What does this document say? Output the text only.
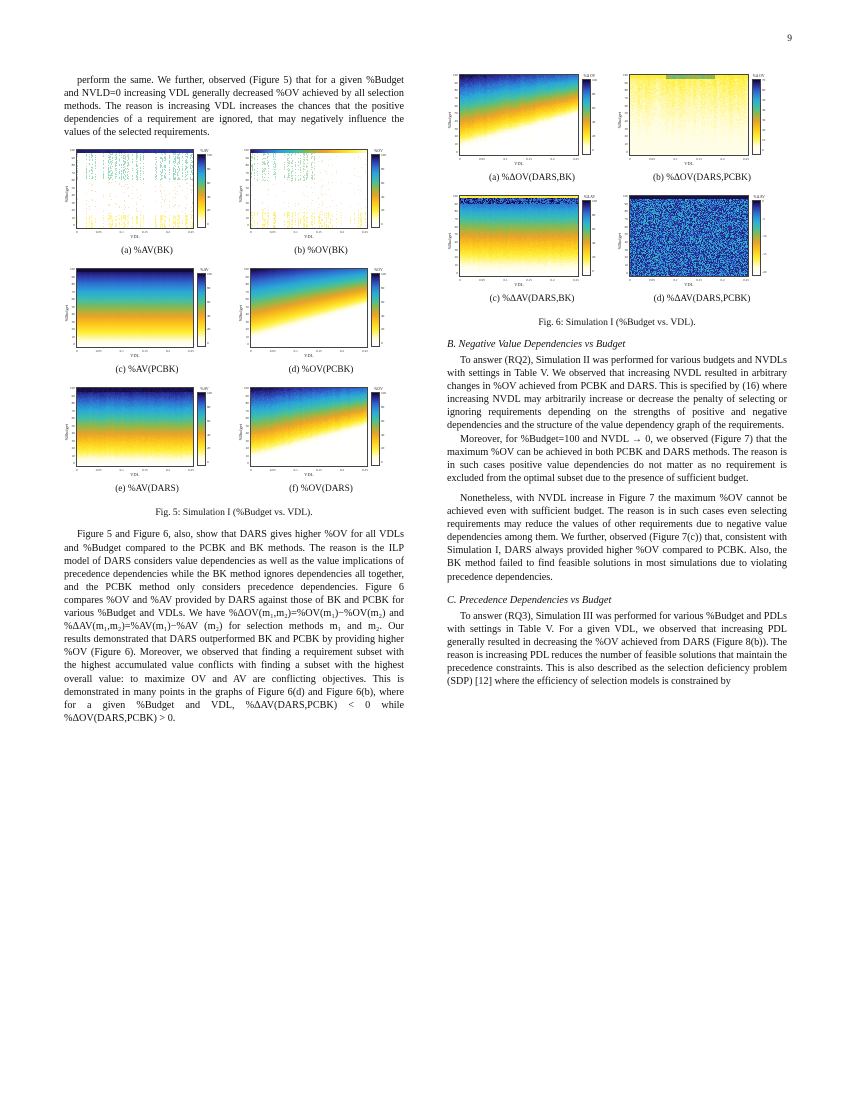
9

perform the same. We further, observed (Figure 5) that for a given %Budget and NVLD=0 increasing VDL generally decreased %OV achieved by all selection methods. The reason is increasing VDL increases the chances that the positive dependencies of a requirement are ignored, that may negatively influence the values of the selected requirements.

%Budget
100
90
80
70
60
50
40
30
20
10
0
0	0.05	0.1	0.15	0.2	0.25
VDL
%AV
100
80
60
40
20
0
(a) %AV(BK)
%Budget
100
90
80
70
60
50
40
30
20
10
0
0	0.05	0.1	0.15	0.2	0.25
VDL
%OV
100
80
60
40
20
0
(b) %OV(BK)
%Budget
100
90
80
70
60
50
40
30
20
10
0
0	0.05	0.1	0.15	0.2	0.25
VDL
%AV
100
80
60
40
20
0
(c) %AV(PCBK)
%Budget
100
90
80
70
60
50
40
30
20
10
0
0	0.05	0.1	0.15	0.2	0.25
VDL
%OV
100
80
60
40
20
0
(d) %OV(PCBK)
%Budget
100
90
80
70
60
50
40
30
20
10
0
0	0.05	0.1	0.15	0.2	0.25
VDL
%AV
100
80
60
40
20
0
(e) %AV(DARS)
%Budget
100
90
80
70
60
50
40
30
20
10
0
0	0.05	0.1	0.15	0.2	0.25
VDL
%OV
100
80
60
40
20
0
(f) %OV(DARS)
Fig. 5: Simulation I (%Budget vs. VDL).

Figure 5 and Figure 6, also, show that DARS gives higher %OV for all VDLs and %Budget compared to the PCBK and BK methods. The reason is the ILP model of DARS considers value dependencies as well as the value implications of precedence dependencies while the BK method ignores dependencies all together, and the PCBK method only considers precedence dependencies. Figure 6 compares %OV and %AV provided by DARS against those of BK and PCBK for various %Budget and VDLs. We have %ΔOV(m₁,m₂)=%OV(m₁)−%OV(m₂) and %ΔAV(m₁,m₂)=%AV(m₁)−%AV (m₂) for selection methods m₁ and m₂. Our results demonstrated that DARS outperformed BK and PCBK by providing higher %OV (Figure 6). Moreover, we observed that finding a requirement subset with the highest accumulated value conflicts with finding a subset with the highest overall value: to maximize OV and AV are conflicting objectives. This is demonstrated in many points in the graphs of Figure 6(d) and Figure 6(b), where for a given %Budget and VDL, %ΔAV(DARS,PCBK) < 0 while %ΔOV(DARS,PCBK) > 0.

%Budget
100
90
80
70
60
50
40
30
20
10
0
0	0.05	0.1	0.15	0.2	0.25
VDL
%Δ OV
100
80
60
40
20
0
(a) %ΔOV(DARS,BK)
%Budget
100
90
80
70
60
50
40
30
20
10
0
0	0.05	0.1	0.15	0.2	0.25
VDL
%Δ OV
70
60
50
40
30
20
10
0
(b) %ΔOV(DARS,PCBK)
%Budget
100
90
80
70
60
50
40
30
20
10
0
0	0.05	0.1	0.15	0.2	0.25
VDL
%Δ AV
100
80
60
40
20
0
(c) %ΔAV(DARS,BK)
%Budget
100
90
80
70
60
50
40
30
20
10
0
0	0.05	0.1	0.15	0.2	0.25
VDL
%Δ AV
0
-5
-10
-15
-20
(d) %ΔAV(DARS,PCBK)
Fig. 6: Simulation I (%Budget vs. VDL).
B. Negative Value Dependencies vs Budget

To answer (RQ2), Simulation II was performed for various budgets and NVDLs with settings in Table V. We observed that increasing NVDL resulted in arbitrary changes in %OV achieved from PCBK and DARS. This is specified by (16) where increasing NVDL may arbitrarily increase or decrease the penalty of selecting or ignoring requirements depending on the strengths of positive and negative dependencies and the structure of the value dependency graph of the requirements.

Moreover, for %Budget=100 and NVDL → 0, we observed (Figure 7) that the maximum %OV can be achieved in both PCBK and DARS methods. The reason is in such cases positive value dependencies do not matter as no requirement is excluded from the optimal subset due to the presence of sufficient budget.

Nonetheless, with NVDL increase in Figure 7 the maximum %OV cannot be achieved even with sufficient budget. The reason is in such cases even selecting requirements may reduce the values of other requirements due to negative value dependencies among them. We further, observed (Figure 7(c)) that, consistent with Simulation I, DARS always provided higher %OV compared to PCBK. Also, the BK method failed to find feasible solutions in most simulations due to violating precedence dependencies.

C. Precedence Dependencies vs Budget

To answer (RQ3), Simulation III was performed for various %Budget and PDLs with settings in Table V. For a given VDL, we observed that increasing PDL generally resulted in decreasing the %OV achieved from DARS (Figure 8(b)). The reason is increasing PDL reduces the number of feasible solutions that maintain the precedence constraints. This is also described as the selection deficiency problem (SDP) [12] where the efficiency of selection models is constrained by
